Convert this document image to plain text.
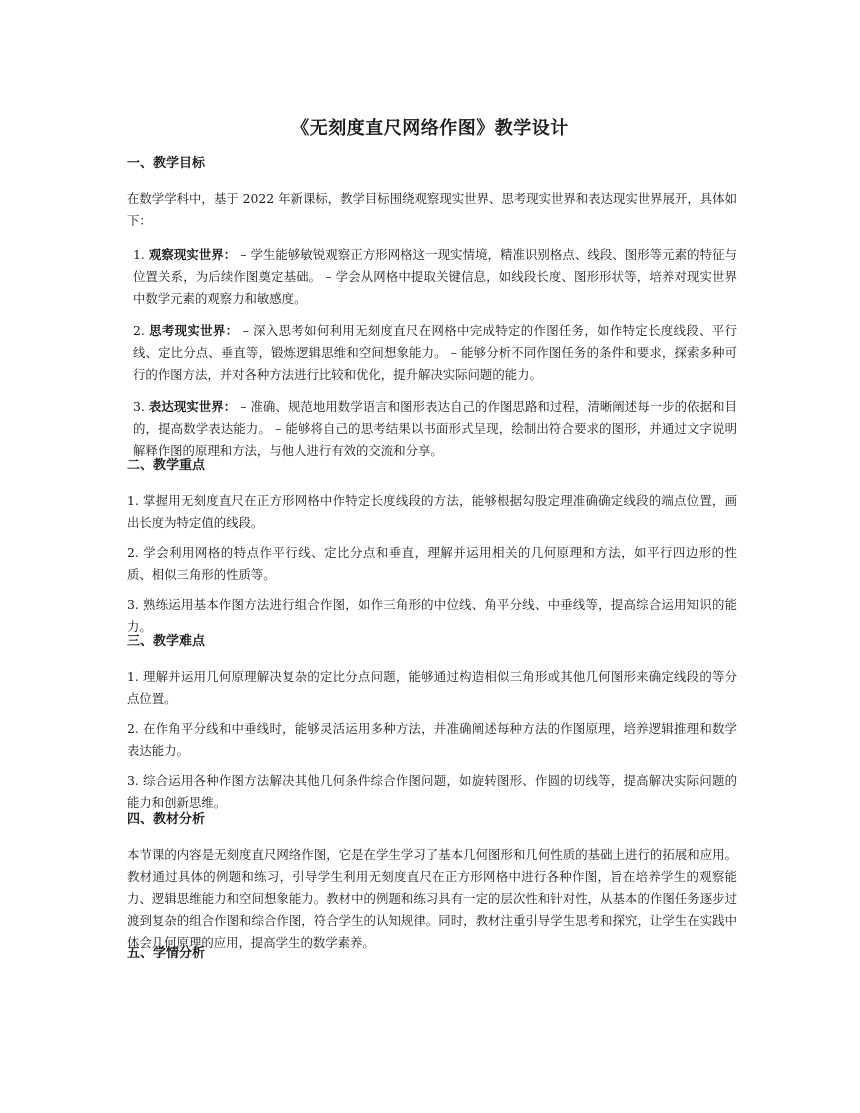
《无刻度直尺网络作图》教学设计
一、教学目标

在数学学科中，基于 2022 年新课标，教学目标围绕观察现实世界、思考现实世界和表达现实世界展开，具体如下：

1. 观察现实世界： – 学生能够敏锐观察正方形网格这一现实情境，精准识别格点、线段、图形等元素的特征与位置关系，为后续作图奠定基础。 – 学会从网格中提取关键信息，如线段长度、图形形状等，培养对现实世界中数学元素的观察力和敏感度。

2. 思考现实世界： – 深入思考如何利用无刻度直尺在网格中完成特定的作图任务，如作特定长度线段、平行线、定比分点、垂直等，锻炼逻辑思维和空间想象能力。 – 能够分析不同作图任务的条件和要求，探索多种可行的作图方法，并对各种方法进行比较和优化，提升解决实际问题的能力。

3. 表达现实世界： – 准确、规范地用数学语言和图形表达自己的作图思路和过程，清晰阐述每一步的依据和目的，提高数学表达能力。 – 能够将自己的思考结果以书面形式呈现，绘制出符合要求的图形，并通过文字说明解释作图的原理和方法，与他人进行有效的交流和分享。

二、教学重点

1. 掌握用无刻度直尺在正方形网格中作特定长度线段的方法，能够根据勾股定理准确确定线段的端点位置，画出长度为特定值的线段。

2. 学会利用网格的特点作平行线、定比分点和垂直，理解并运用相关的几何原理和方法，如平行四边形的性质、相似三角形的性质等。

3. 熟练运用基本作图方法进行组合作图，如作三角形的中位线、角平分线、中垂线等，提高综合运用知识的能力。

三、教学难点

1. 理解并运用几何原理解决复杂的定比分点问题，能够通过构造相似三角形或其他几何图形来确定线段的等分点位置。

2. 在作角平分线和中垂线时，能够灵活运用多种方法，并准确阐述每种方法的作图原理，培养逻辑推理和数学表达能力。

3. 综合运用各种作图方法解决其他几何条件综合作图问题，如旋转图形、作圆的切线等，提高解决实际问题的能力和创新思维。

四、教材分析

本节课的内容是无刻度直尺网络作图，它是在学生学习了基本几何图形和几何性质的基础上进行的拓展和应用。教材通过具体的例题和练习，引导学生利用无刻度直尺在正方形网格中进行各种作图，旨在培养学生的观察能力、逻辑思维能力和空间想象能力。教材中的例题和练习具有一定的层次性和针对性，从基本的作图任务逐步过渡到复杂的组合作图和综合作图，符合学生的认知规律。同时，教材注重引导学生思考和探究，让学生在实践中体会几何原理的应用，提高学生的数学素养。

五、学情分析
